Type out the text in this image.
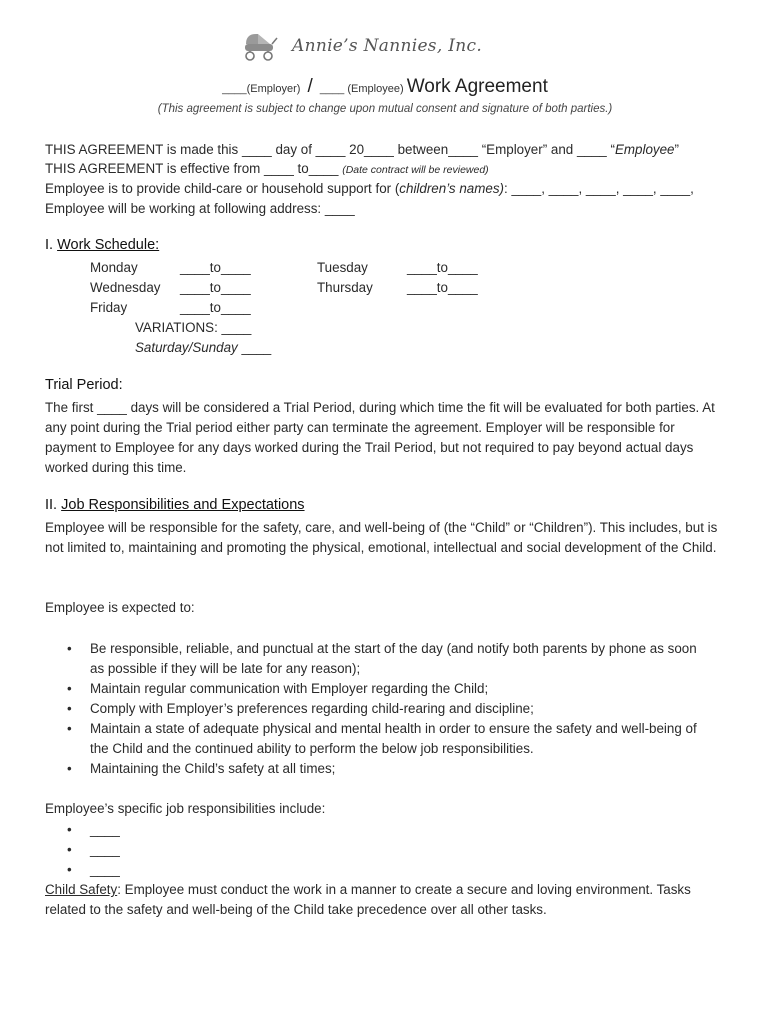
Annie’s Nannies, Inc.
____(Employer) / ____ (Employee) Work Agreement
(This agreement is subject to change upon mutual consent and signature of both parties.)
THIS AGREEMENT is made this ____ day of ____ 20____ between____ “Employer” and ____ “Employee”
THIS AGREEMENT is effective from ____ to____ (Date contract will be reviewed)
Employee is to provide child-care or household support for (children’s names): ____, ____, ____, ____, ____,
Employee will be working at following address: ____
I. Work Schedule:
Monday	____to____	Tuesday	____to____
Wednesday ____to____	Thursday	____to____
Friday	____to____
VARIATIONS: ____
Saturday/Sunday ____
Trial Period:
The first ____ days will be considered a Trial Period, during which time the fit will be evaluated for both parties. At any point during the Trial period either party can terminate the agreement. Employer will be responsible for payment to Employee for any days worked during the Trail Period, but not required to pay beyond actual days worked during this time.
II. Job Responsibilities and Expectations
Employee will be responsible for the safety, care, and well-being of (the “Child” or “Children”). This includes, but is not limited to, maintaining and promoting the physical, emotional, intellectual and social development of the Child.
Employee is expected to:
• Be responsible, reliable, and punctual at the start of the day (and notify both parents by phone as soon as possible if they will be late for any reason);
• Maintain regular communication with Employer regarding the Child;
• Comply with Employer’s preferences regarding child-rearing and discipline;
• Maintain a state of adequate physical and mental health in order to ensure the safety and well-being of the Child and the continued ability to perform the below job responsibilities.
• Maintaining the Child’s safety at all times;
Employee’s specific job responsibilities include:
• ____
• ____
• ____
Child Safety: Employee must conduct the work in a manner to create a secure and loving environment. Tasks related to the safety and well-being of the Child take precedence over all other tasks.
